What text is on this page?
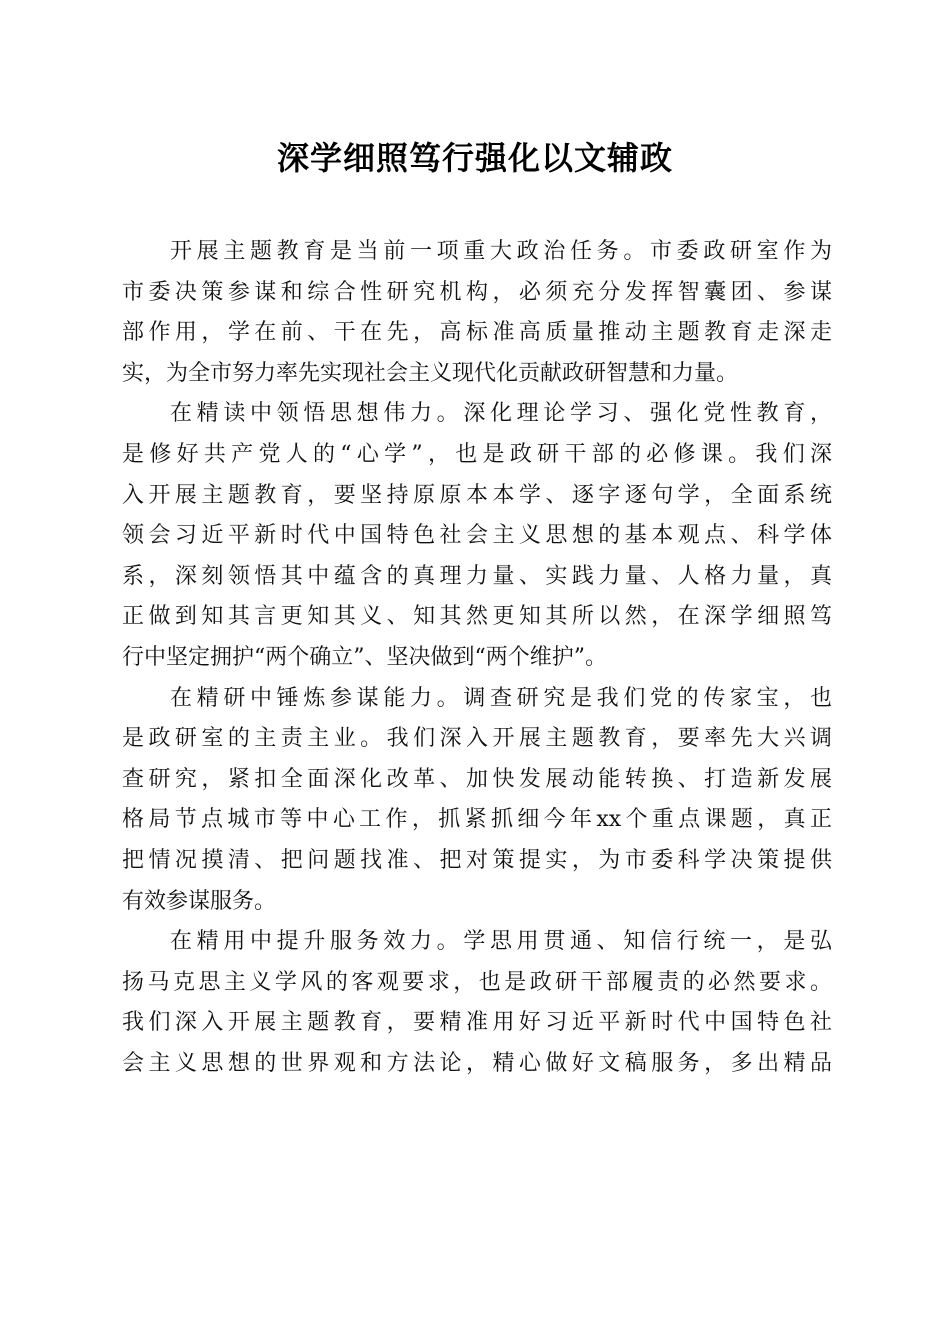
深学细照笃行强化以文辅政
开展主题教育是当前一项重大政治任务。市委政研室作为
市委决策参谋和综合性研究机构，必须充分发挥智囊团、参谋
部作用，学在前、干在先，高标准高质量推动主题教育走深走
实，为全市努力率先实现社会主义现代化贡献政研智慧和力量。
在精读中领悟思想伟力。深化理论学习、强化党性教育，
是修好共产党人的“心学”，也是政研干部的必修课。我们深
入开展主题教育，要坚持原原本本学、逐字逐句学，全面系统
领会习近平新时代中国特色社会主义思想的基本观点、科学体
系，深刻领悟其中蕴含的真理力量、实践力量、人格力量，真
正做到知其言更知其义、知其然更知其所以然，在深学细照笃
行中坚定拥护“两个确立”、坚决做到“两个维护”。
在精研中锤炼参谋能力。调查研究是我们党的传家宝，也
是政研室的主责主业。我们深入开展主题教育，要率先大兴调
查研究，紧扣全面深化改革、加快发展动能转换、打造新发展
格局节点城市等中心工作，抓紧抓细今年xx个重点课题，真正
把情况摸清、把问题找准、把对策提实，为市委科学决策提供
有效参谋服务。
在精用中提升服务效力。学思用贯通、知信行统一，是弘
扬马克思主义学风的客观要求，也是政研干部履责的必然要求。
我们深入开展主题教育，要精准用好习近平新时代中国特色社
会主义思想的世界观和方法论，精心做好文稿服务，多出精品
